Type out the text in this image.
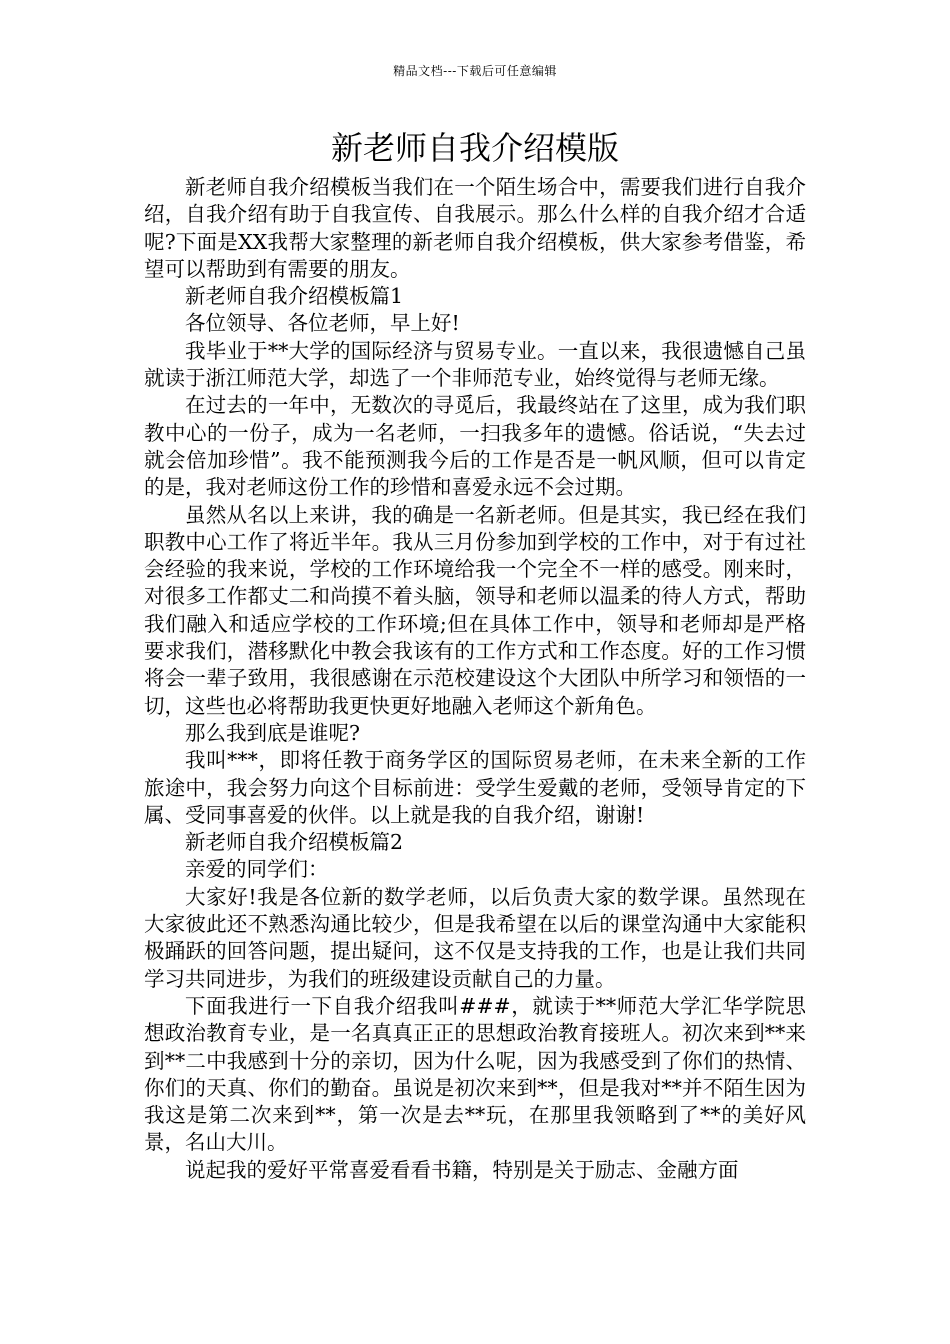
精品文档---下载后可任意编辑
新老师自我介绍模版

新老师自我介绍模板当我们在一个陌生场合中，需要我们进行自我介绍，自我介绍有助于自我宣传、自我展示。那么什么样的自我介绍才合适呢?下面是XX我帮大家整理的新老师自我介绍模板，供大家参考借鉴，希望可以帮助到有需要的朋友。

新老师自我介绍模板篇1

各位领导、各位老师，早上好!

我毕业于**大学的国际经济与贸易专业。一直以来，我很遗憾自己虽就读于浙江师范大学，却选了一个非师范专业，始终觉得与老师无缘。

在过去的一年中，无数次的寻觅后，我最终站在了这里，成为我们职教中心的一份子，成为一名老师，一扫我多年的遗憾。俗话说，“失去过就会倍加珍惜”。我不能预测我今后的工作是否是一帆风顺，但可以肯定的是，我对老师这份工作的珍惜和喜爱永远不会过期。

虽然从名以上来讲，我的确是一名新老师。但是其实，我已经在我们职教中心工作了将近半年。我从三月份参加到学校的工作中，对于有过社会经验的我来说，学校的工作环境给我一个完全不一样的感受。刚来时，对很多工作都丈二和尚摸不着头脑，领导和老师以温柔的待人方式，帮助我们融入和适应学校的工作环境;但在具体工作中，领导和老师却是严格要求我们，潜移默化中教会我该有的工作方式和工作态度。好的工作习惯将会一辈子致用，我很感谢在示范校建设这个大团队中所学习和领悟的一切，这些也必将帮助我更快更好地融入老师这个新角色。

那么我到底是谁呢?

我叫***，即将任教于商务学区的国际贸易老师，在未来全新的工作旅途中，我会努力向这个目标前进：受学生爱戴的老师，受领导肯定的下属、受同事喜爱的伙伴。以上就是我的自我介绍，谢谢!

新老师自我介绍模板篇2

亲爱的同学们：

大家好!我是各位新的数学老师，以后负责大家的数学课。虽然现在大家彼此还不熟悉沟通比较少，但是我希望在以后的课堂沟通中大家能积极踊跃的回答问题，提出疑问，这不仅是支持我的工作，也是让我们共同学习共同进步，为我们的班级建设贡献自己的力量。

下面我进行一下自我介绍我叫###，就读于**师范大学汇华学院思想政治教育专业，是一名真真正正的思想政治教育接班人。初次来到**来到**二中我感到十分的亲切，因为什么呢，因为我感受到了你们的热情、你们的天真、你们的勤奋。虽说是初次来到**，但是我对**并不陌生因为我这是第二次来到**，第一次是去**玩，在那里我领略到了**的美好风景，名山大川。

说起我的爱好平常喜爱看看书籍，特别是关于励志、金融方面
